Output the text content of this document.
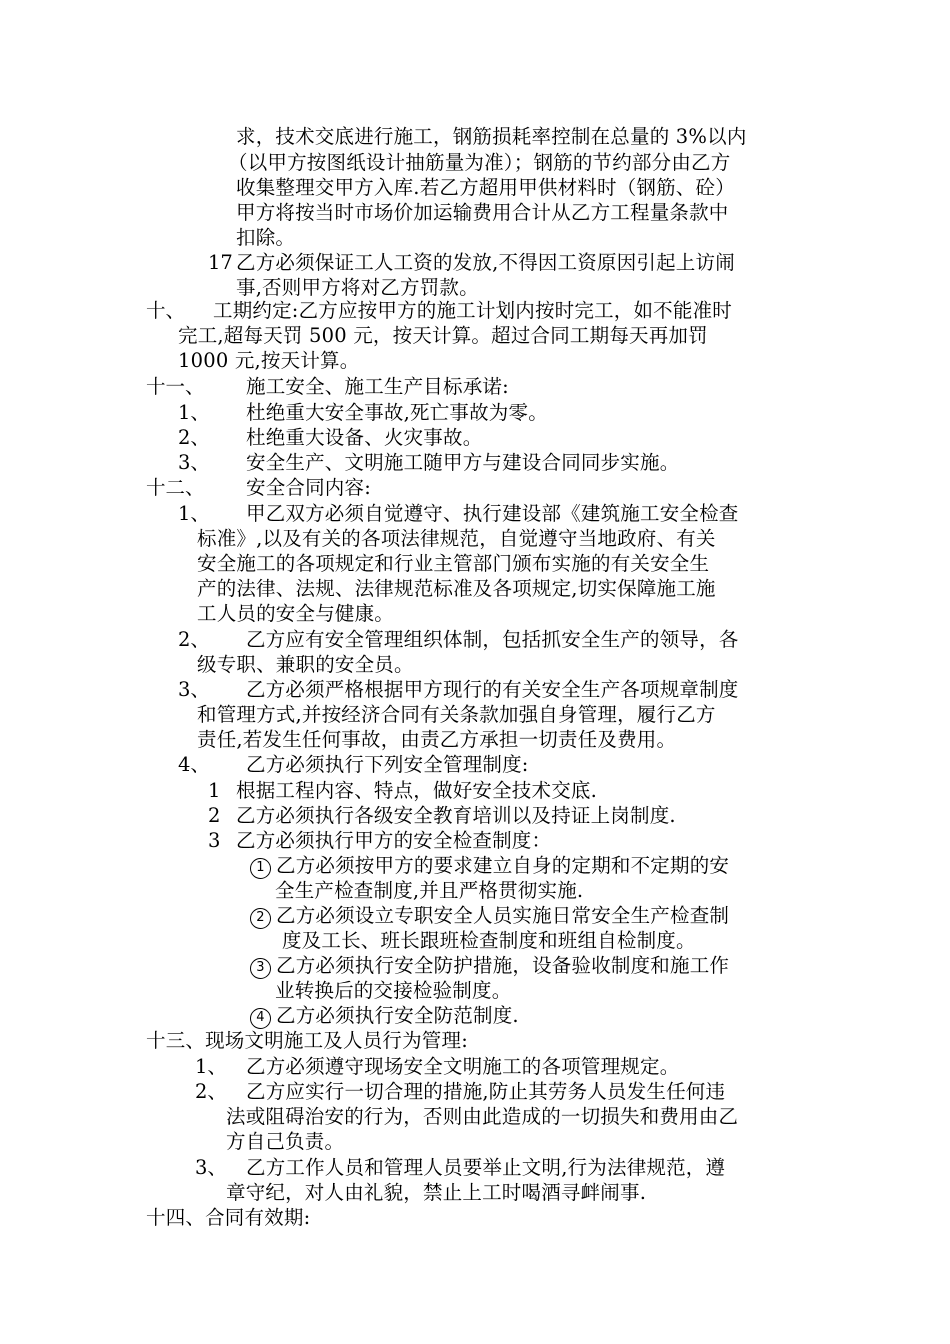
求，技术交底进行施工，钢筋损耗率控制在总量的 3%以内
（以甲方按图纸设计抽筋量为准）；钢筋的节约部分由乙方
收集整理交甲方入库.若乙方超用甲供材料时（钢筋、砼）
甲方将按当时市场价加运输费用合计从乙方工程量条款中
扣除。
17 乙方必须保证工人工资的发放,不得因工资原因引起上访闹
事,否则甲方将对乙方罚款。
十、 工期约定:乙方应按甲方的施工计划内按时完工，如不能准时
完工,超每天罚 500 元，按天计算。超过合同工期每天再加罚
1000 元,按天计算。
十一、 施工安全、施工生产目标承诺:
1、 杜绝重大安全事故,死亡事故为零。
2、 杜绝重大设备、火灾事故。
3、 安全生产、文明施工随甲方与建设合同同步实施。
十二、 安全合同内容:
1、 甲乙双方必须自觉遵守、执行建设部《建筑施工安全检查
标准》,以及有关的各项法律规范，自觉遵守当地政府、有关
安全施工的各项规定和行业主管部门颁布实施的有关安全生
产的法律、法规、法律规范标准及各项规定,切实保障施工施
工人员的安全与健康。
2、 乙方应有安全管理组织体制，包括抓安全生产的领导，各
级专职、兼职的安全员。
3、 乙方必须严格根据甲方现行的有关安全生产各项规章制度
和管理方式,并按经济合同有关条款加强自身管理，履行乙方
责任,若发生任何事故，由责乙方承担一切责任及费用。
4、 乙方必须执行下列安全管理制度:
1 根据工程内容、特点，做好安全技术交底.
2 乙方必须执行各级安全教育培训以及持证上岗制度.
3 乙方必须执行甲方的安全检查制度：
1 乙方必须按甲方的要求建立自身的定期和不定期的安
全生产检查制度,并且严格贯彻实施.
2 乙方必须设立专职安全人员实施日常安全生产检查制
度及工长、班长跟班检查制度和班组自检制度。
3 乙方必须执行安全防护措施，设备验收制度和施工作
业转换后的交接检验制度。
4 乙方必须执行安全防范制度.
十三、现场文明施工及人员行为管理:
1、 乙方必须遵守现场安全文明施工的各项管理规定。
2、 乙方应实行一切合理的措施,防止其劳务人员发生任何违
法或阻碍治安的行为，否则由此造成的一切损失和费用由乙
方自己负责。
3、 乙方工作人员和管理人员要举止文明,行为法律规范，遵
章守纪，对人由礼貌，禁止上工时喝酒寻衅闹事.
十四、合同有效期:
